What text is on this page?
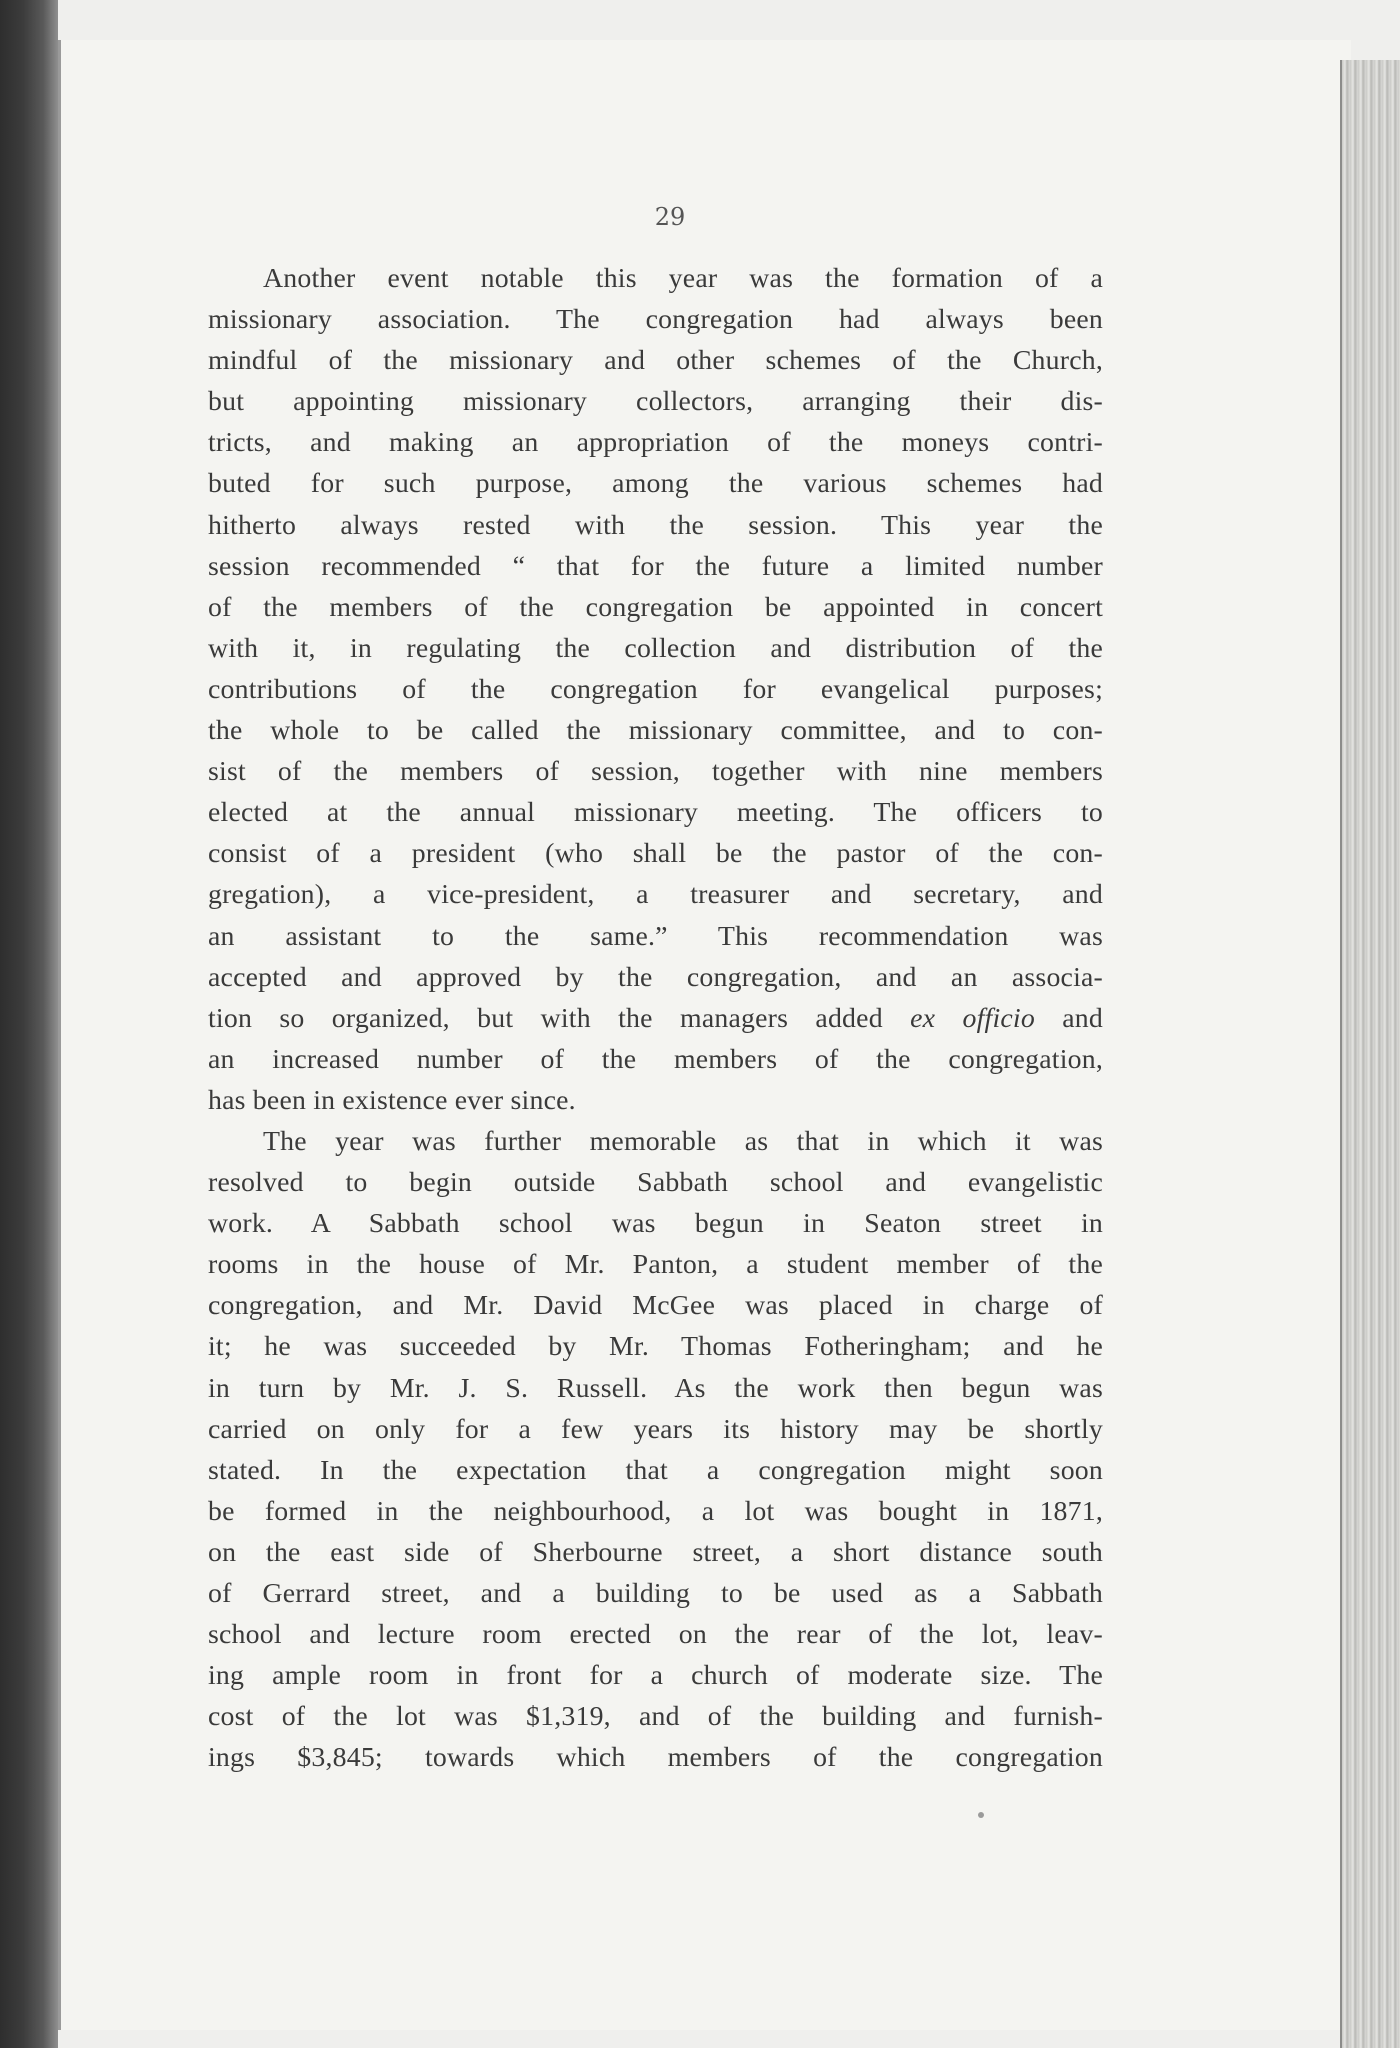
29
Another event notable this year was the formation of a
missionary association. The congregation had always been
mindful of the missionary and other schemes of the Church,
but appointing missionary collectors, arranging their dis-
tricts, and making an appropriation of the moneys contri-
buted for such purpose, among the various schemes had
hitherto always rested with the session. This year the
session recommended “ that for the future a limited number
of the members of the congregation be appointed in concert
with it, in regulating the collection and distribution of the
contributions of the congregation for evangelical purposes;
the whole to be called the missionary committee, and to con-
sist of the members of session, together with nine members
elected at the annual missionary meeting. The officers to
consist of a president (who shall be the pastor of the con-
gregation), a vice-president, a treasurer and secretary, and
an assistant to the same.” This recommendation was
accepted and approved by the congregation, and an associa-
tion so organized, but with the managers added ex officio and
an increased number of the members of the congregation,
has been in existence ever since.
The year was further memorable as that in which it was
resolved to begin outside Sabbath school and evangelistic
work. A Sabbath school was begun in Seaton street in
rooms in the house of Mr. Panton, a student member of the
congregation, and Mr. David McGee was placed in charge of
it; he was succeeded by Mr. Thomas Fotheringham; and he
in turn by Mr. J. S. Russell. As the work then begun was
carried on only for a few years its history may be shortly
stated. In the expectation that a congregation might soon
be formed in the neighbourhood, a lot was bought in 1871,
on the east side of Sherbourne street, a short distance south
of Gerrard street, and a building to be used as a Sabbath
school and lecture room erected on the rear of the lot, leav-
ing ample room in front for a church of moderate size. The
cost of the lot was $1,319, and of the building and furnish-
ings $3,845; towards which members of the congregation
